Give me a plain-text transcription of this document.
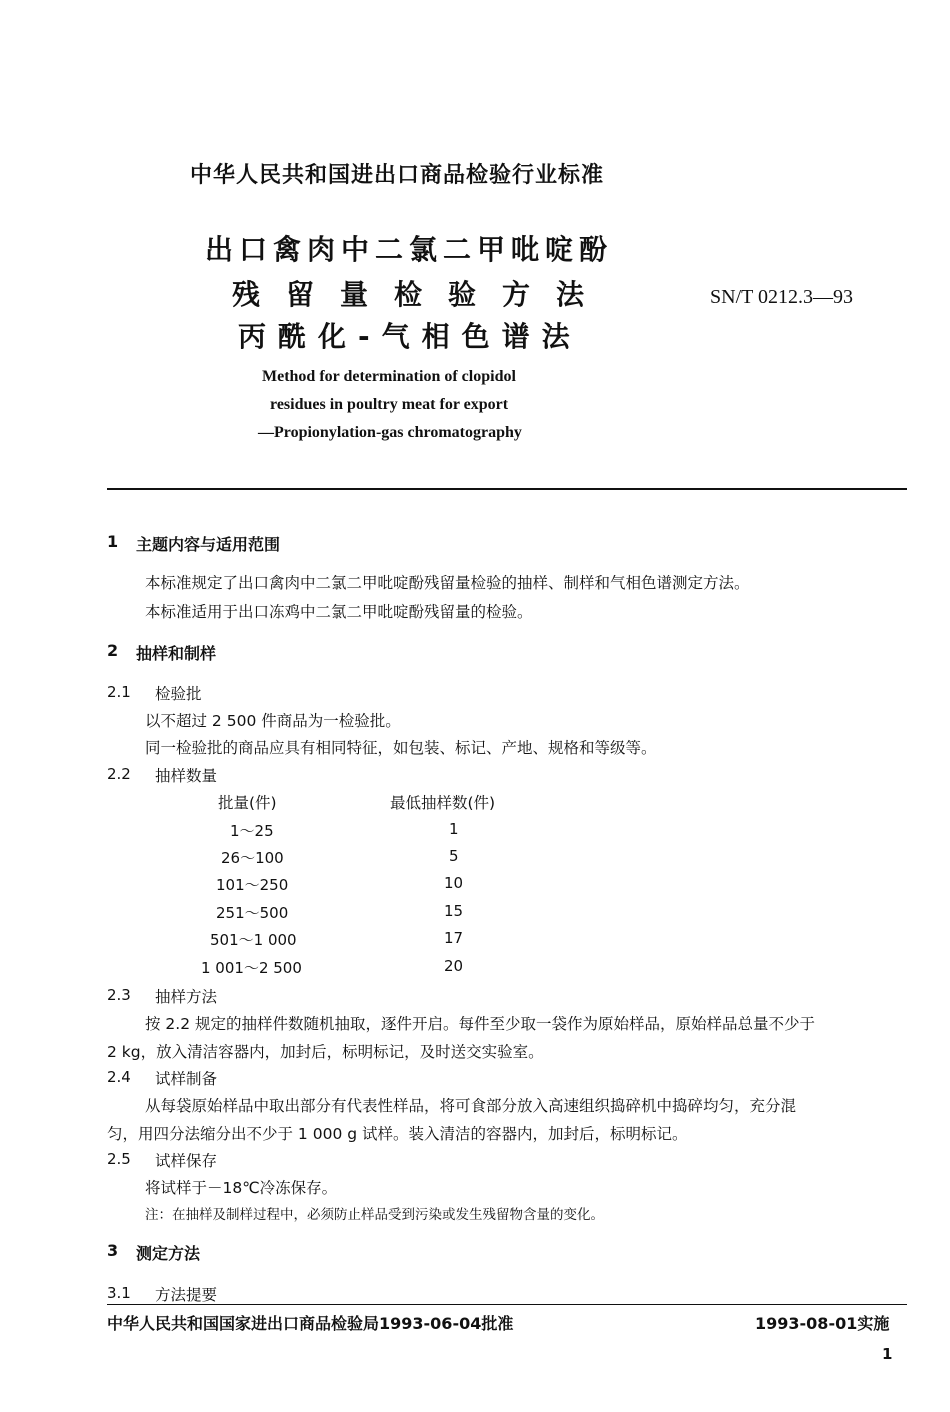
中华人民共和国进出口商品检验行业标准
出口禽肉中二氯二甲吡啶酚
残留量检验方法
丙酰化-气相色谱法
SN/T 0212.3—93
Method for determination of clopidol
residues in poultry meat for export
—Propionylation-gas chromatography
1 主题内容与适用范围
本标准规定了出口禽肉中二氯二甲吡啶酚残留量检验的抽样、制样和气相色谱测定方法。
本标准适用于出口冻鸡中二氯二甲吡啶酚残留量的检验。
2 抽样和制样
2.1 检验批
以不超过 2 500 件商品为一检验批。
同一检验批的商品应具有相同特征，如包装、标记、产地、规格和等级等。
2.2 抽样数量
批量(件)	最低抽样数(件)
1～25	1
26～100	5
101～250	10
251～500	15
501～1 000	17
1 001～2 500	20
2.3 抽样方法
按 2.2 规定的抽样件数随机抽取，逐件开启。每件至少取一袋作为原始样品，原始样品总量不少于
2 kg，放入清洁容器内，加封后，标明标记，及时送交实验室。
2.4 试样制备
从每袋原始样品中取出部分有代表性样品，将可食部分放入高速组织捣碎机中捣碎均匀，充分混
匀，用四分法缩分出不少于 1 000 g 试样。装入清洁的容器内，加封后，标明标记。
2.5 试样保存
将试样于－18℃冷冻保存。
注：在抽样及制样过程中，必须防止样品受到污染或发生残留物含量的变化。
3 测定方法
3.1 方法提要
中华人民共和国国家进出口商品检验局1993-06-04批准	1993-08-01实施
1
